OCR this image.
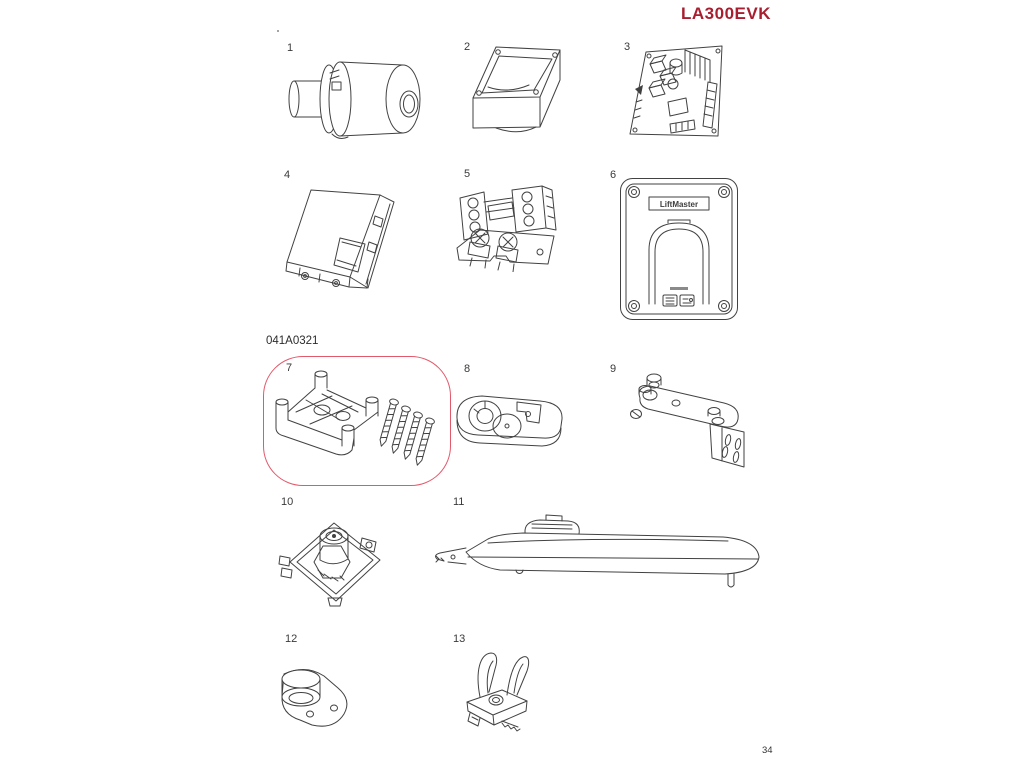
LA300EVK
041A0321
34
1	2	3
4	5	6
7	8	9
10	11
12	13
LiftMaster
